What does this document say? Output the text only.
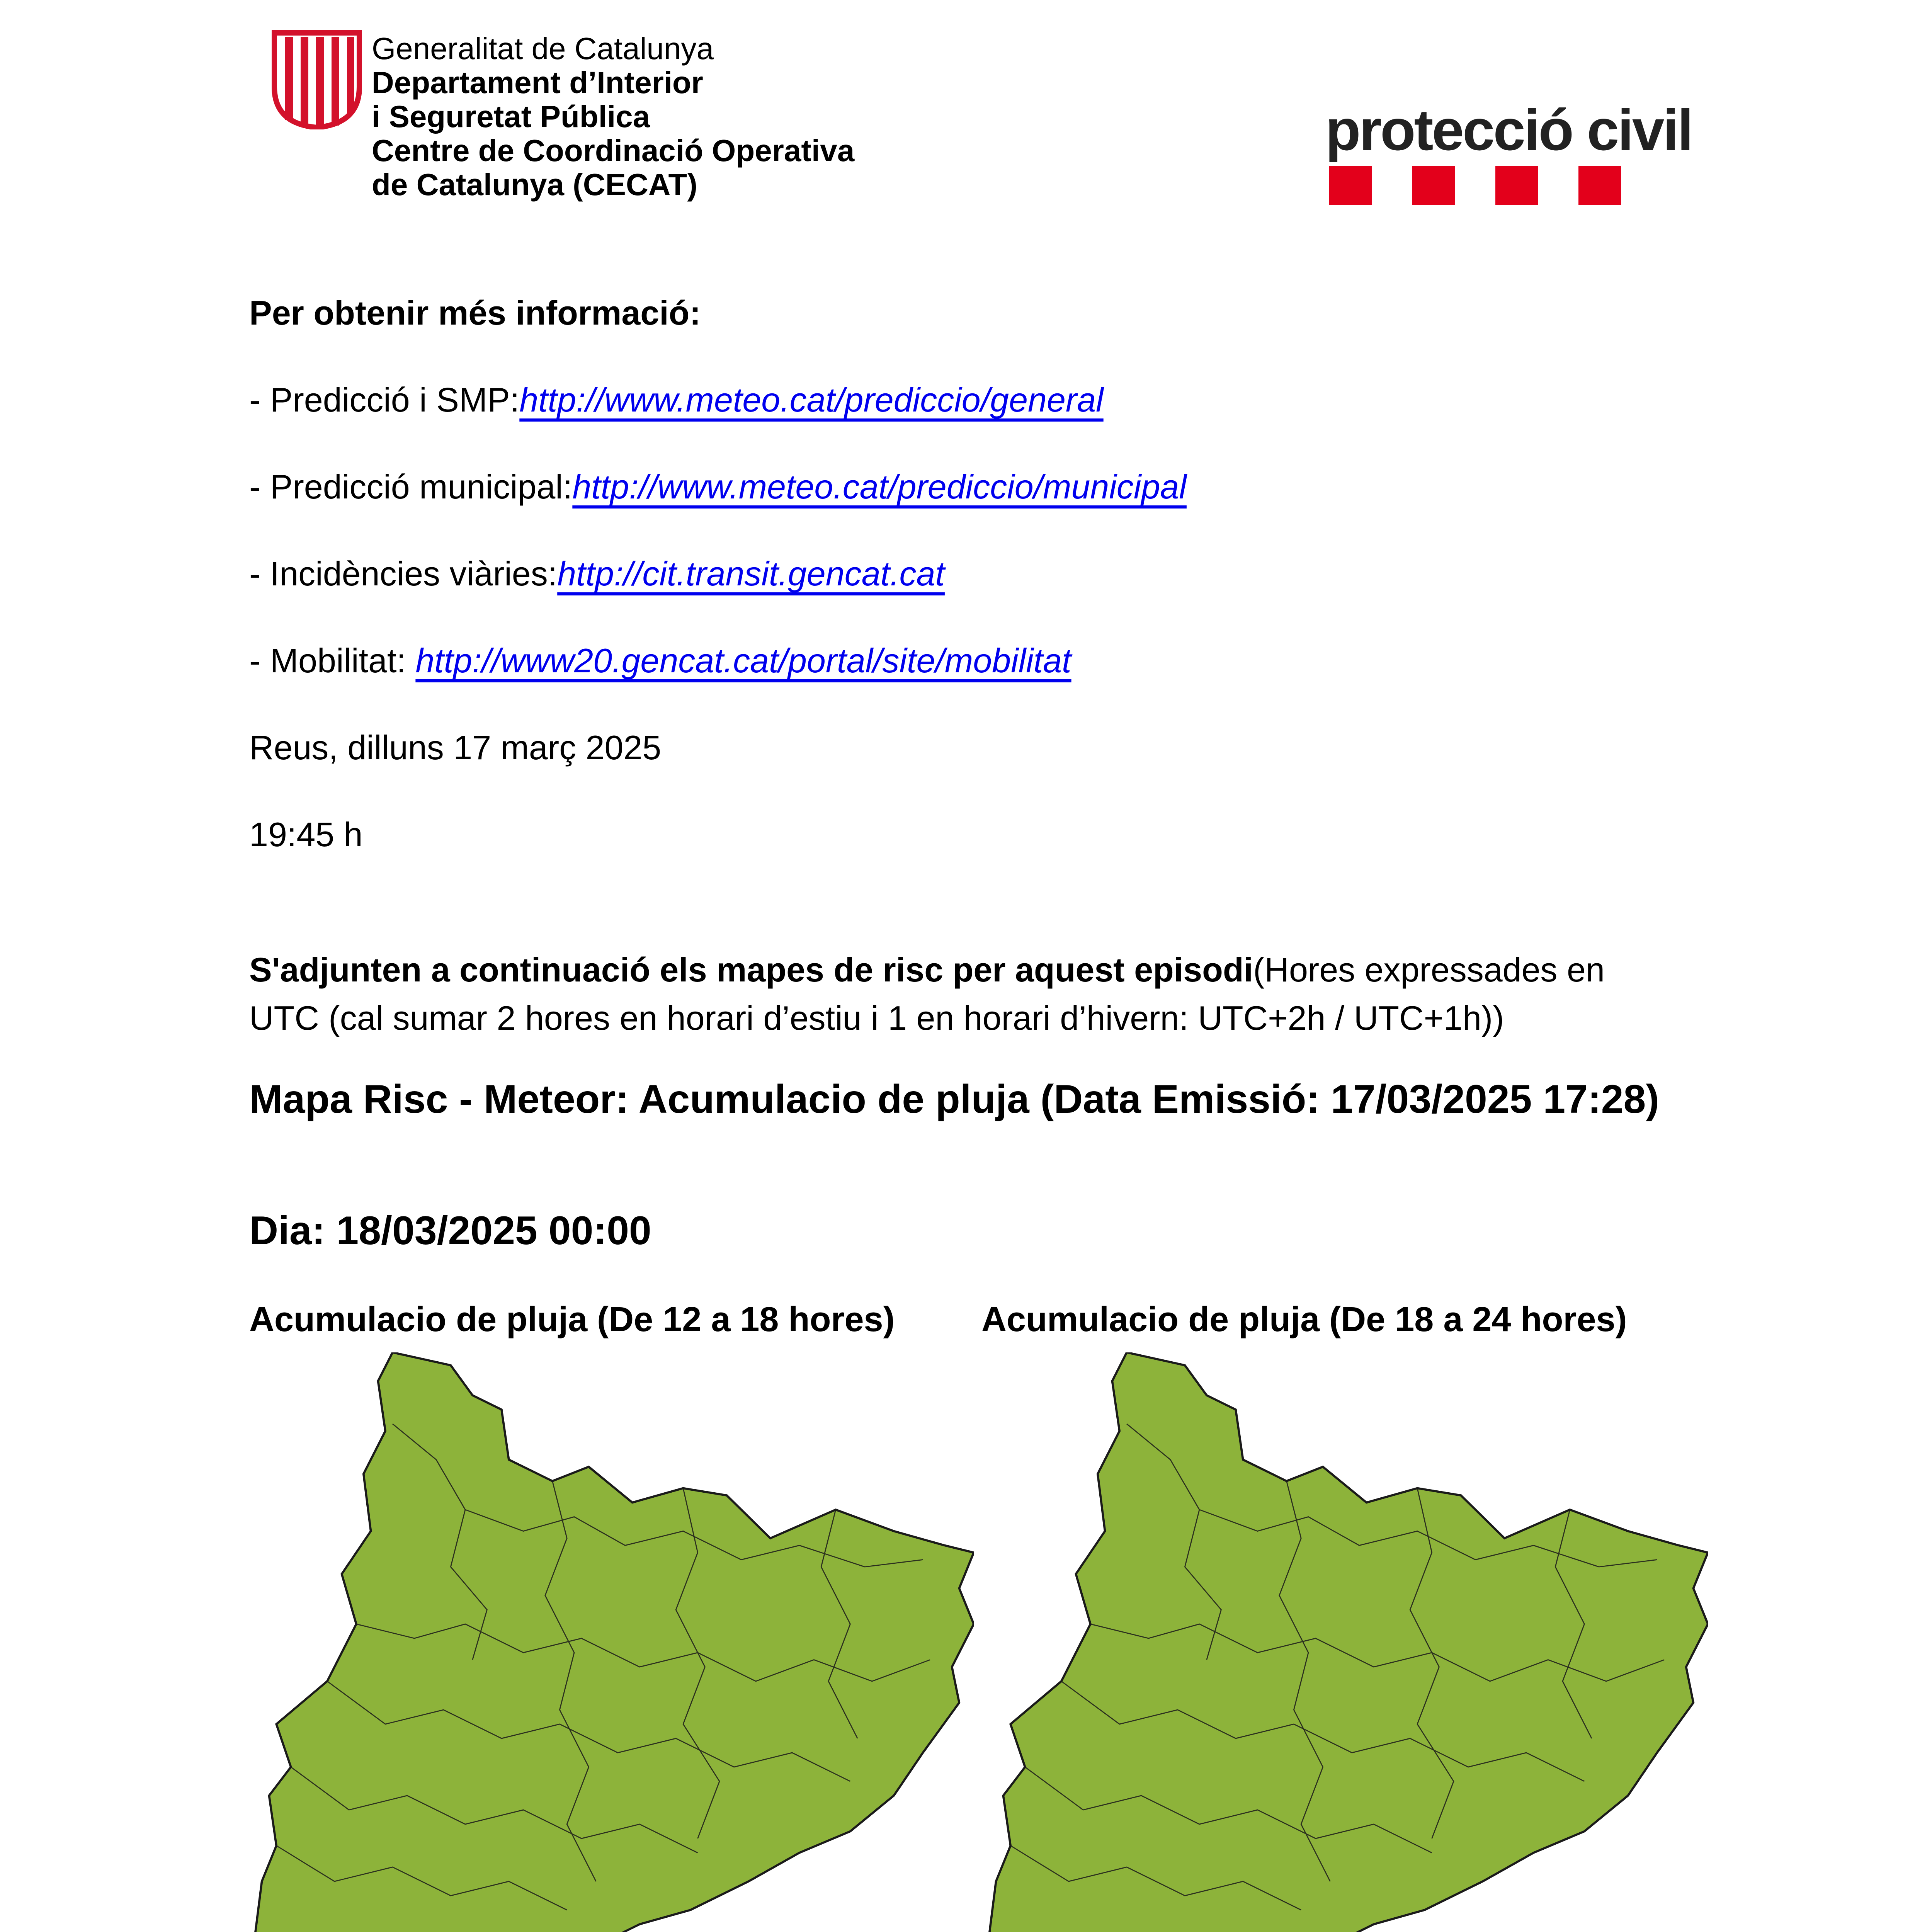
Generalitat de Catalunya
Departament d’Interior
i Seguretat Pública
Centre de Coordinació Operativa
de Catalunya (CECAT)
protecció civil
Per obtenir més informació:
- Predicció i SMP:http://www.meteo.cat/prediccio/general
- Predicció municipal:http://www.meteo.cat/prediccio/municipal
- Incidències viàries:http://cit.transit.gencat.cat
- Mobilitat: http://www20.gencat.cat/portal/site/mobilitat
Reus, dilluns 17 març 2025
19:45 h
S'adjunten a continuació els mapes de risc per aquest episodi(Hores expressades en
UTC (cal sumar 2 hores en horari d’estiu i 1 en horari d’hivern: UTC+2h / UTC+1h))
Mapa Risc - Meteor: Acumulacio de pluja (Data Emissió: 17/03/2025 17:28)
Dia: 18/03/2025 00:00
Acumulacio de pluja (De 12 a 18 hores) Acumulacio de pluja (De 18 a 24 hores)
